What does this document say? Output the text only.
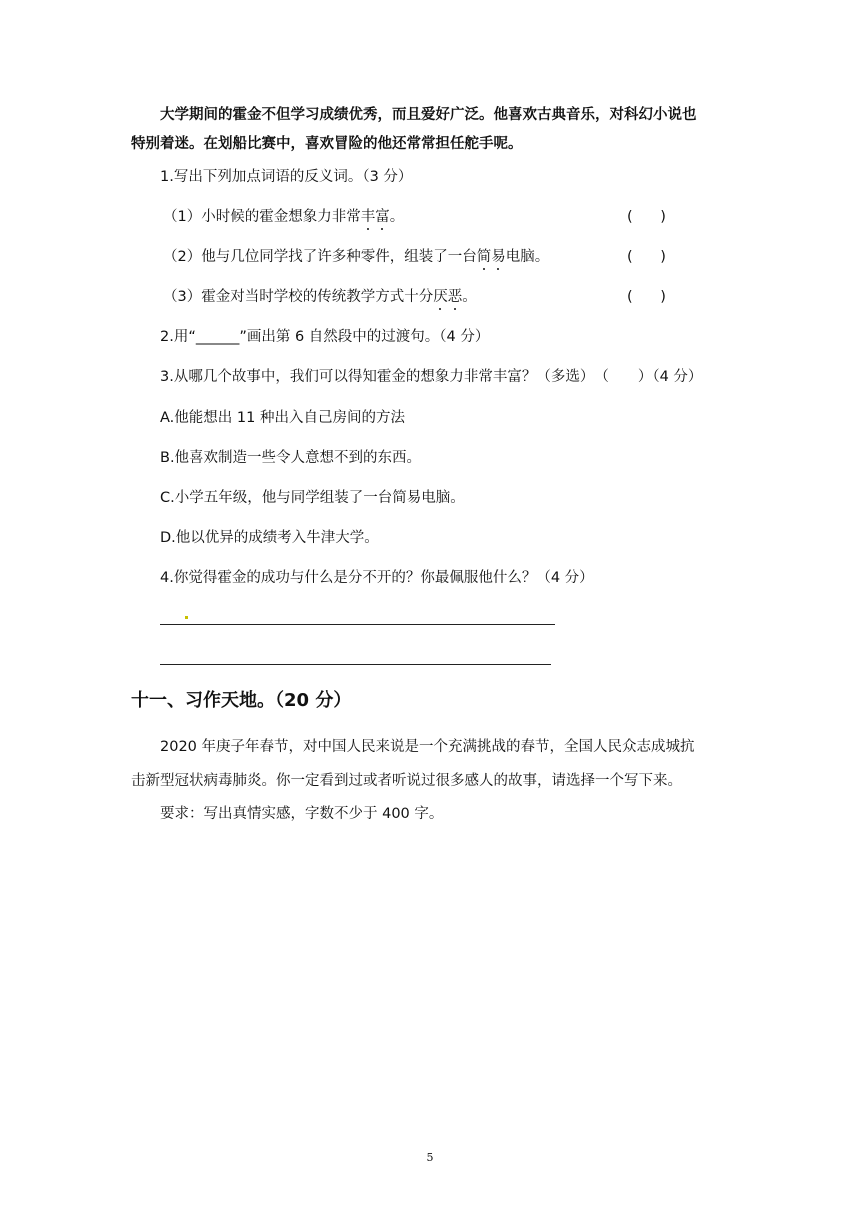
大学期间的霍金不但学习成绩优秀，而且爱好广泛。他喜欢古典音乐，对科幻小说也
特别着迷。在划船比赛中，喜欢冒险的他还常常担任舵手呢。
1.写出下列加点词语的反义词。（3 分）
（1）小时候的霍金想象力非常丰富。	(      )
（2）他与几位同学找了许多种零件，组装了一台简易电脑。	(      )
（3）霍金对当时学校的传统教学方式十分厌恶。	(      )
2.用“______”画出第 6 自然段中的过渡句。（4 分）
3.从哪几个故事中，我们可以得知霍金的想象力非常丰富？（多选）　（　　）（4 分）
A.他能想出 11 种出入自己房间的方法
B.他喜欢制造一些令人意想不到的东西。
C.小学五年级，他与同学组装了一台简易电脑。
D.他以优异的成绩考入牛津大学。
4.你觉得霍金的成功与什么是分不开的？你最佩服他什么？（4 分）
十一、习作天地。（20 分）
2020 年庚子年春节，对中国人民来说是一个充满挑战的春节，全国人民众志成城抗
击新型冠状病毒肺炎。你一定看到过或者听说过很多感人的故事，请选择一个写下来。
要求：写出真情实感，字数不少于 400 字。
5
